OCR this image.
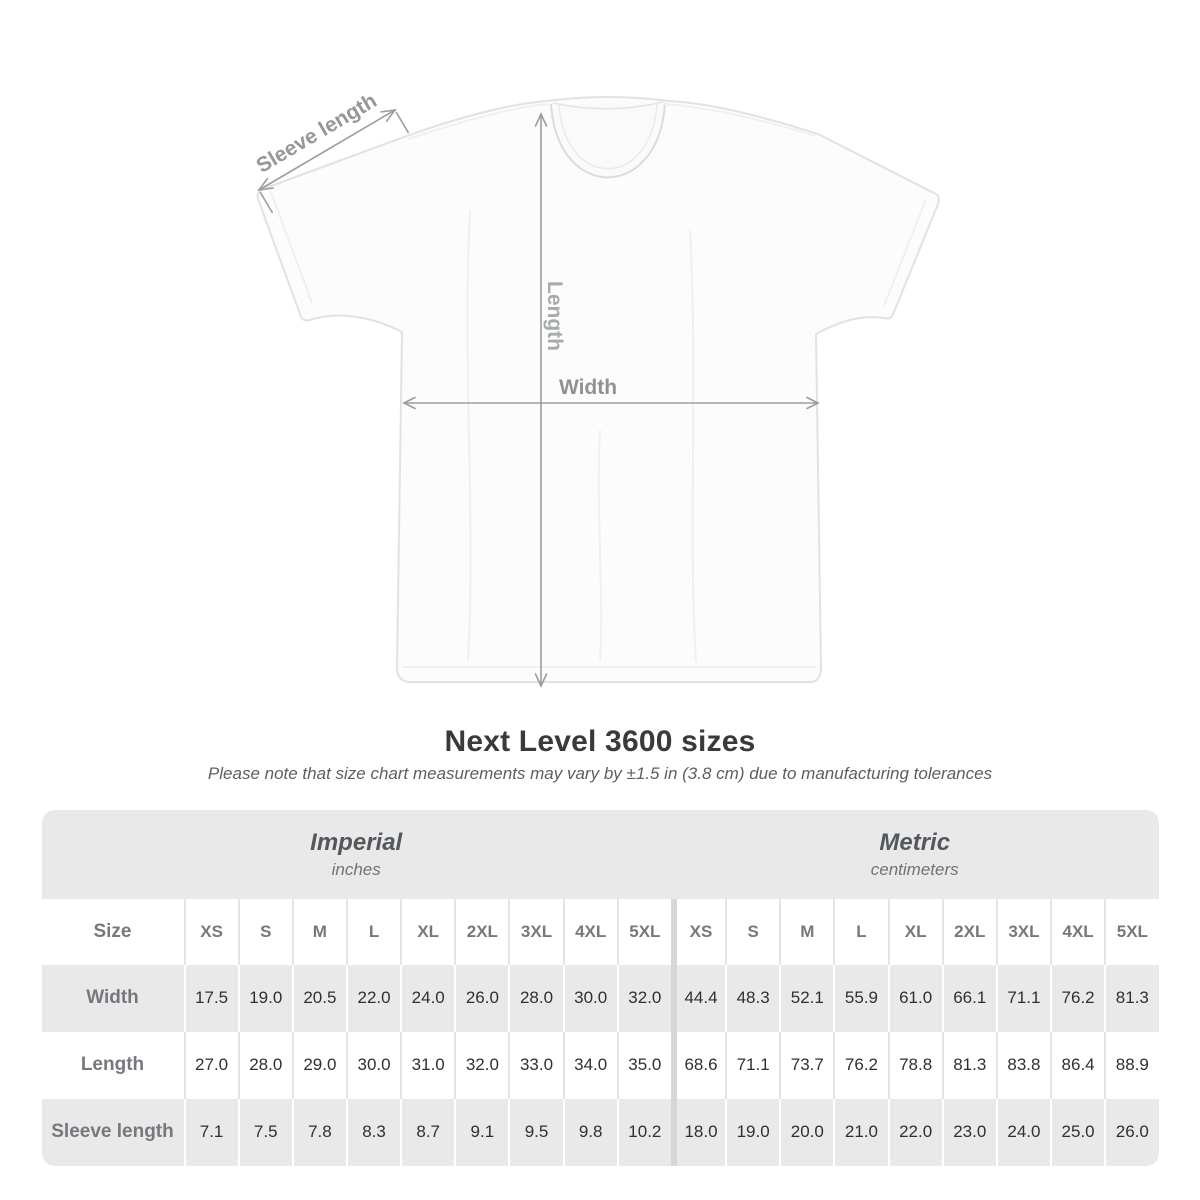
Sleeve length
Length
Width
Next Level 3600 sizes

Please note that size chart measurements may vary by ±1.5 in (3.8 cm) due to manufacturing tolerances

Imperial
inches										Metric
centimeters								

Size	XS	S	M	L	XL	2XL	3XL	4XL	5XL	XS	S	M	L	XL	2XL	3XL	4XL	5XL
Width	17.5	19.0	20.5	22.0	24.0	26.0	28.0	30.0	32.0	44.4	48.3	52.1	55.9	61.0	66.1	71.1	76.2	81.3
Length	27.0	28.0	29.0	30.0	31.0	32.0	33.0	34.0	35.0	68.6	71.1	73.7	76.2	78.8	81.3	83.8	86.4	88.9
Sleeve length	7.1	7.5	7.8	8.3	8.7	9.1	9.5	9.8	10.2	18.0	19.0	20.0	21.0	22.0	23.0	24.0	25.0	26.0
